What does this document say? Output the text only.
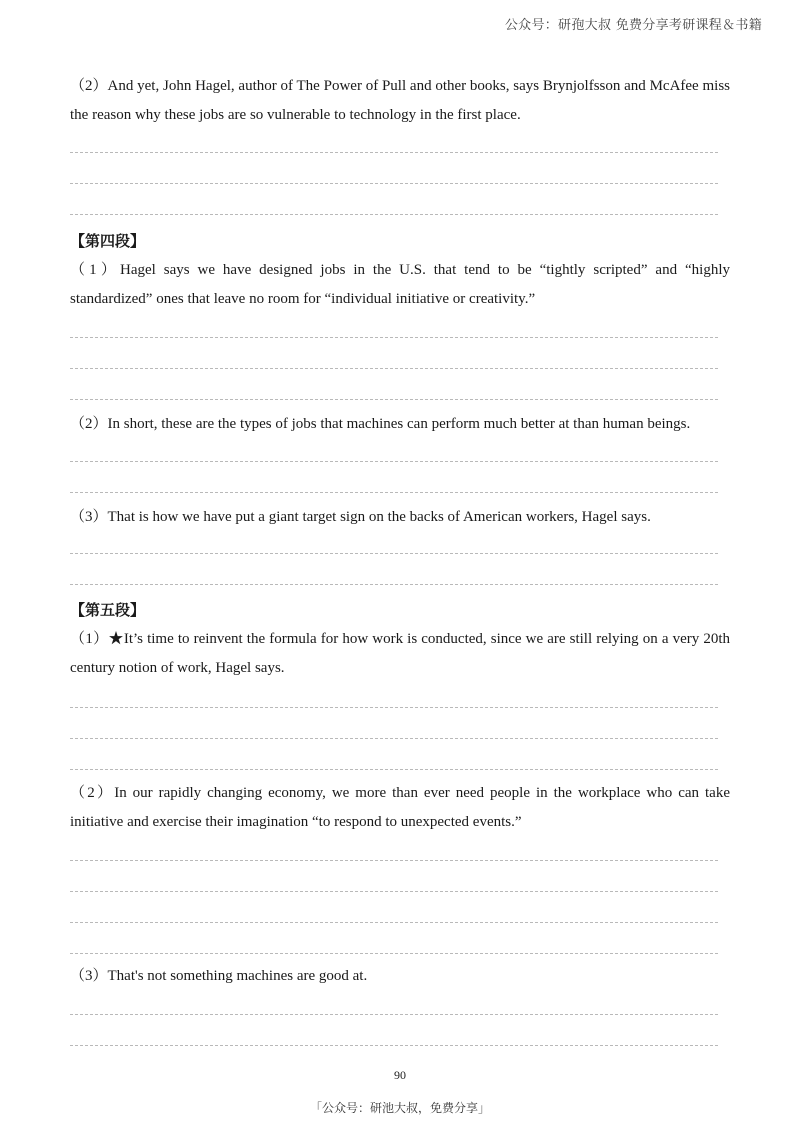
公众号：研孢大叔 免费分享考研课程＆书籍
（2）And yet, John Hagel, author of The Power of Pull and other books, says Brynjolfsson and McAfee miss the reason why these jobs are so vulnerable to technology in the first place.
【第四段】
（1）Hagel says we have designed jobs in the U.S. that tend to be “tightly scripted” and “highly standardized” ones that leave no room for “individual initiative or creativity.”
（2）In short, these are the types of jobs that machines can perform much better at than human beings.
（3）That is how we have put a giant target sign on the backs of American workers, Hagel says.
【第五段】
（1）★It’s time to reinvent the formula for how work is conducted, since we are still relying on a very 20th century notion of work, Hagel says.
（2）In our rapidly changing economy, we more than ever need people in the workplace who can take initiative and exercise their imagination “to respond to unexpected events.”
（3）That's not something machines are good at.
90
「公众号：研池大叔，免费分享」
